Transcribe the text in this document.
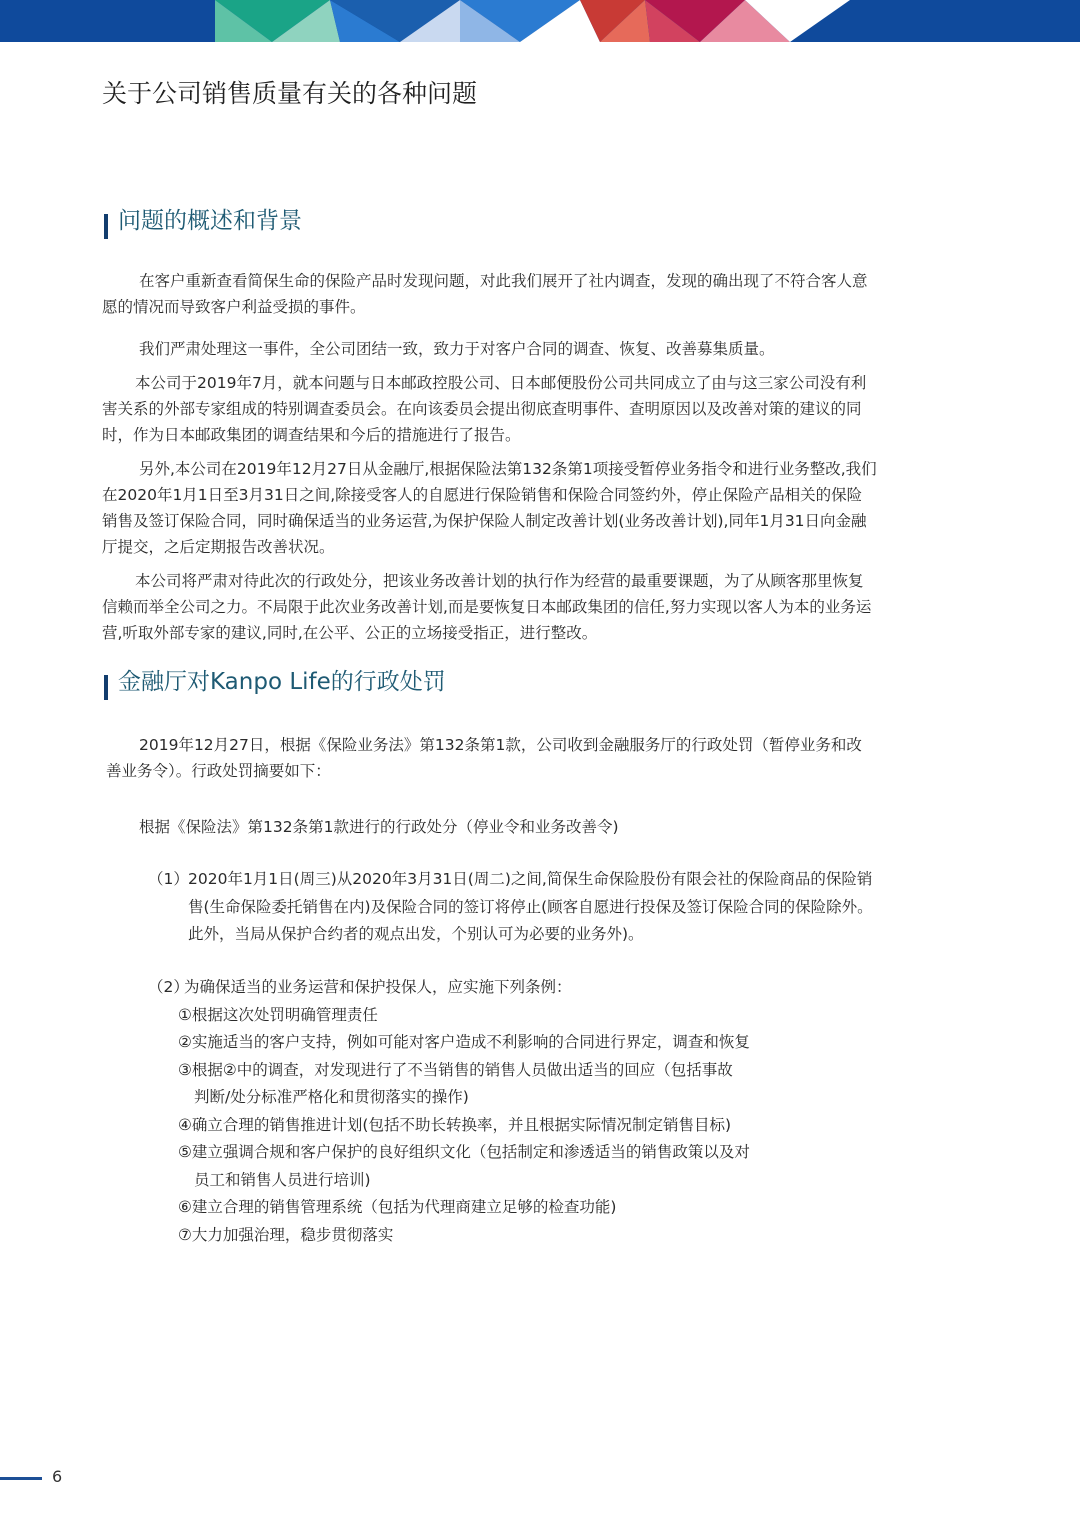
关于公司销售质量有关的各种问题
问题的概述和背景
在客户重新查看简保生命的保险产品时发现问题，对此我们展开了社内调查，发现的确出现了不符合客人意
愿的情况而导致客户利益受损的事件。
我们严肃处理这一事件，全公司团结一致，致力于对客户合同的调查、恢复、改善募集质量。
本公司于2019年7月，就本问题与日本邮政控股公司、日本邮便股份公司共同成立了由与这三家公司没有利
害关系的外部专家组成的特别调查委员会。在向该委员会提出彻底查明事件、查明原因以及改善对策的建议的同
时，作为日本邮政集团的调查结果和今后的措施进行了报告。
另外,本公司在2019年12月27日从金融厅,根据保险法第132条第1项接受暂停业务指令和进行业务整改,我们
在2020年1月1日至3月31日之间,除接受客人的自愿进行保险销售和保险合同签约外，停止保险产品相关的保险
销售及签订保险合同，同时确保适当的业务运营,为保护保险人制定改善计划(业务改善计划),同年1月31日向金融
厅提交，之后定期报告改善状况。
本公司将严肃对待此次的行政处分，把该业务改善计划的执行作为经营的最重要课题，为了从顾客那里恢复
信赖而举全公司之力。不局限于此次业务改善计划,而是要恢复日本邮政集团的信任,努力实现以客人为本的业务运
营,听取外部专家的建议,同时,在公平、公正的立场接受指正，进行整改。
金融厅对Kanpo Life的行政处罚
2019年12月27日，根据《保险业务法》第132条第1款，公司收到金融服务厅的行政处罚（暂停业务和改
善业务令）。行政处罚摘要如下：

根据《保险法》第132条第1款进行的行政处分（停业令和业务改善令)

（1） 2020年1月1日(周三)从2020年3月31日(周二)之间,简保生命保险股份有限会社的保险商品的保险销

售(生命保险委托销售在内)及保险合同的签订将停止(顾客自愿进行投保及签订保险合同的保险除外。

此外，当局从保护合约者的观点出发，个别认可为必要的业务外)。

（2）

为确保适当的业务运营和保护投保人，应实施下列条例：

①根据这次处罚明确管理责任

②实施适当的客户支持，例如可能对客户造成不利影响的合同进行界定，调查和恢复

③根据②中的调查，对发现进行了不当销售的销售人员做出适当的回应（包括事故

判断/处分标准严格化和贯彻落实的操作)

④确立合理的销售推进计划(包括不助长转换率，并且根据实际情况制定销售目标)

⑤建立强调合规和客户保护的良好组织文化（包括制定和渗透适当的销售政策以及对

员工和销售人员进行培训)

⑥建立合理的销售管理系统（包括为代理商建立足够的检查功能)

⑦大力加强治理，稳步贯彻落实

6
